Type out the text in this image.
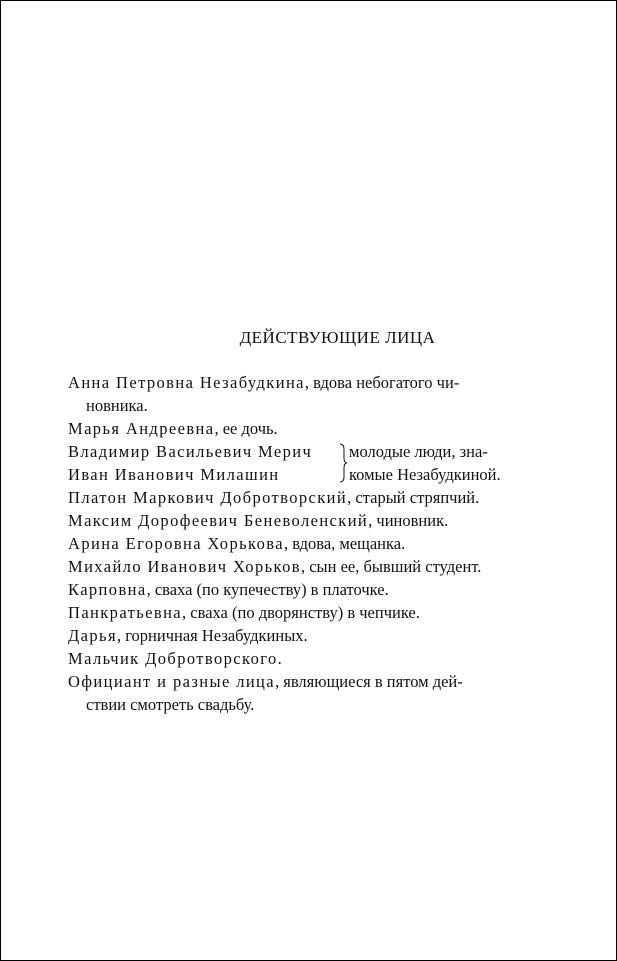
ДЕЙСТВУЮЩИЕ ЛИЦА
Анна Петровна Незабудкина, вдова небогатого чи-
новника.
Марья Андреевна, ее дочь.
Владимир Васильевич Мерич
Иван Иванович Милашин
молодые люди, зна-
комые Незабудкиной.
Платон Маркович Добротворский, старый стряпчий.
Максим Дорофеевич Беневоленский, чиновник.
Арина Егоровна Хорькова, вдова, мещанка.
Михайло Иванович Хорьков, сын ее, бывший студент.
Карповна, сваха (по купечеству) в платочке.
Панкратьевна, сваха (по дворянству) в чепчике.
Дарья, горничная Незабудкиных.
Мальчик Добротворского.
Официант и разные лица, являющиеся в пятом дей-
ствии смотреть свадьбу.
